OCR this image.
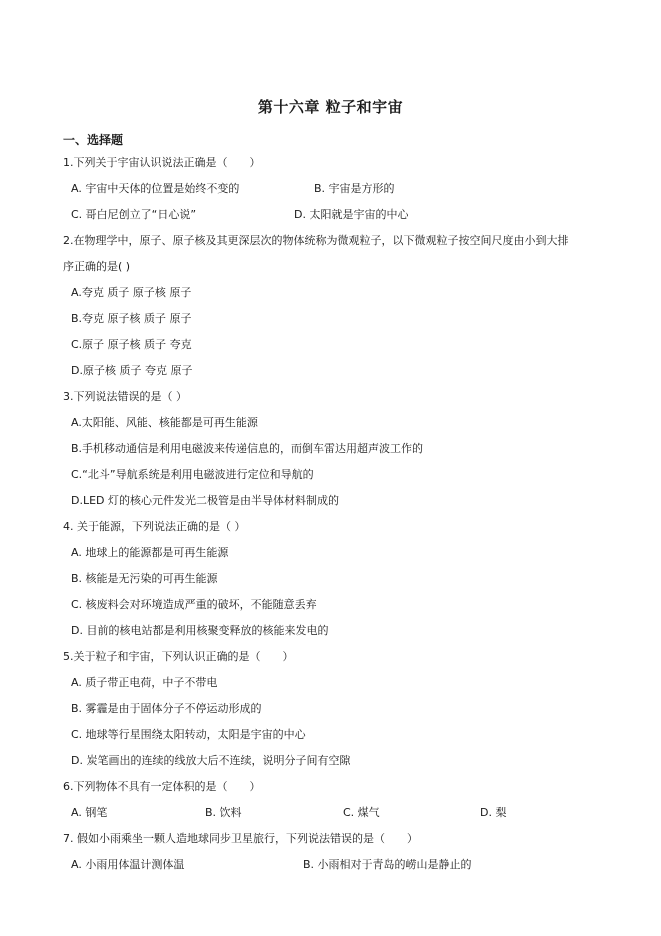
第十六章 粒子和宇宙
一、选择题
1.下列关于宇宙认识说法正确是（　　）
A. 宇宙中天体的位置是始终不变的	B. 宇宙是方形的
C. 哥白尼创立了“日心说”	D. 太阳就是宇宙的中心
2.在物理学中，原子、原子核及其更深层次的物体统称为微观粒子，以下微观粒子按空间尺度由小到大排
序正确的是( )
A.夸克 质子 原子核 原子
B.夸克 原子核 质子 原子
C.原子 原子核 质子 夸克
D.原子核 质子 夸克 原子
3.下列说法错误的是（ ）
A.太阳能、风能、核能都是可再生能源
B.手机移动通信是利用电磁波来传递信息的，而倒车雷达用超声波工作的
C.“北斗”导航系统是利用电磁波进行定位和导航的
D.LED 灯的核心元件发光二极管是由半导体材料制成的
4. 关于能源，下列说法正确的是（ ）
A. 地球上的能源都是可再生能源
B. 核能是无污染的可再生能源
C. 核废料会对环境造成严重的破坏，不能随意丢弃
D. 目前的核电站都是利用核聚变释放的核能来发电的
5.关于粒子和宇宙，下列认识正确的是（　　）
A. 质子带正电荷，中子不带电
B. 雾霾是由于固体分子不停运动形成的
C. 地球等行星围绕太阳转动，太阳是宇宙的中心
D. 炭笔画出的连续的线放大后不连续，说明分子间有空隙
6.下列物体不具有一定体积的是（　　）
A. 钢笔	B. 饮料	C. 煤气	D. 梨
7. 假如小雨乘坐一颗人造地球同步卫星旅行，下列说法错误的是（　　）
A. 小雨用体温计测体温	B. 小雨相对于青岛的崂山是静止的
